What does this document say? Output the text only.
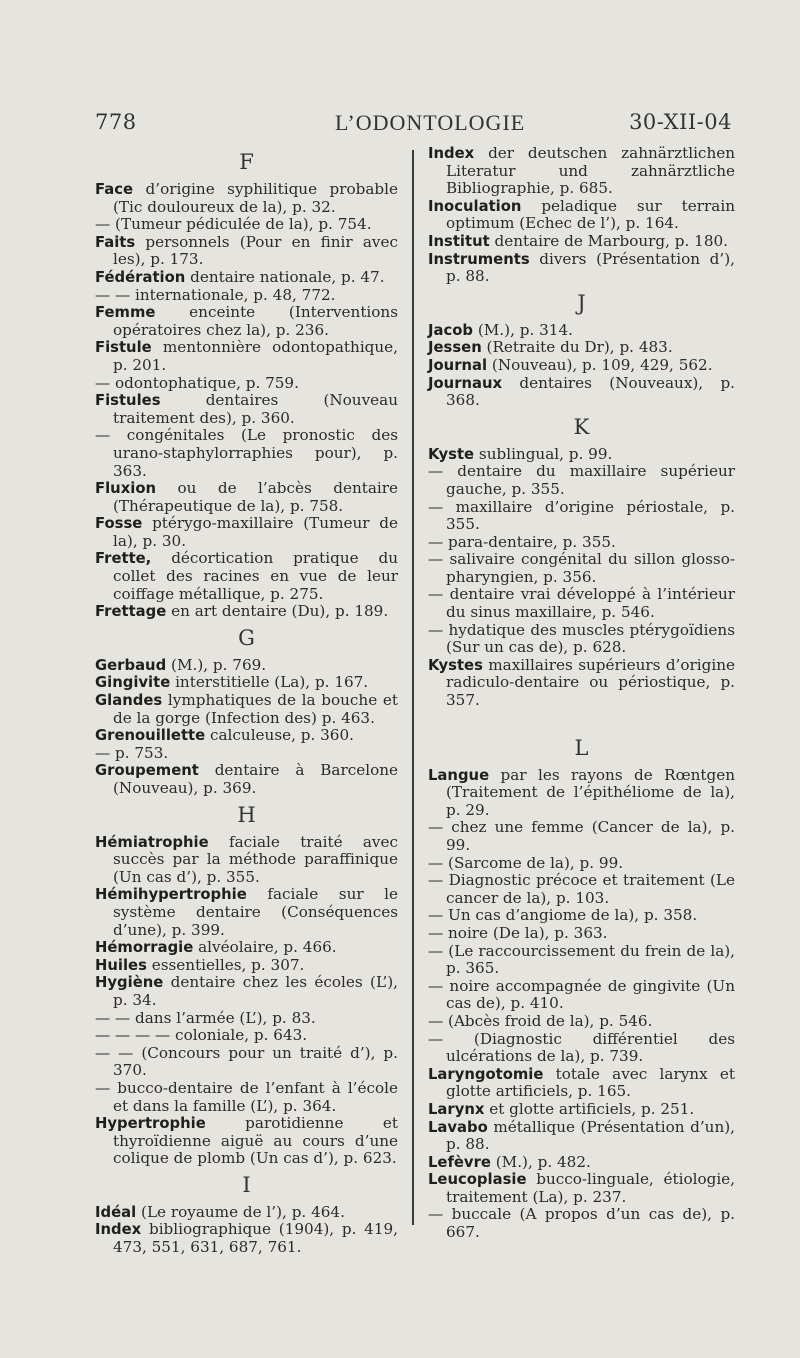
778	L’ODONTOLOGIE	30-XII-04
F

Face d’origine syphilitique probable (Tic douloureux de la), p. 32.

— (Tumeur pédiculée de la), p. 754.

Faits personnels (Pour en finir avec les), p. 173.

Fédération dentaire nationale, p. 47.

— — internationale, p. 48, 772.

Femme enceinte (Interventions opératoires chez la), p. 236.

Fistule mentonnière odontopathique, p. 201.

— odontophatique, p. 759.

Fistules dentaires (Nouveau traitement des), p. 360.

— congénitales (Le pronostic des urano-staphylorraphies pour), p. 363.

Fluxion ou de l’abcès dentaire (Thérapeutique de la), p. 758.

Fosse ptérygo-maxillaire (Tumeur de la), p. 30.

Frette, décortication pratique du collet des racines en vue de leur coiffage métallique, p. 275.

Frettage en art dentaire (Du), p. 189.

G

Gerbaud (M.), p. 769.

Gingivite interstitielle (La), p. 167.

Glandes lymphatiques de la bouche et de la gorge (Infection des) p. 463.

Grenouillette calculeuse, p. 360.

— p. 753.

Groupement dentaire à Barcelone (Nouveau), p. 369.

H

Hémiatrophie faciale traité avec succès par la méthode paraffinique (Un cas d’), p. 355.

Hémihypertrophie faciale sur le système dentaire (Conséquences d’une), p. 399.

Hémorragie alvéolaire, p. 466.

Huiles essentielles, p. 307.

Hygiène dentaire chez les écoles (L’), p. 34.

— — dans l’armée (L’), p. 83.

— — — — coloniale, p. 643.

— — (Concours pour un traité d’), p. 370.

— bucco-dentaire de l’enfant à l’école et dans la famille (L’), p. 364.

Hypertrophie parotidienne et thyroïdienne aiguë au cours d’une colique de plomb (Un cas d’), p. 623.

I

Idéal (Le royaume de l’), p. 464.

Index bibliographique (1904), p. 419, 473, 551, 631, 687, 761.

Index der deutschen zahnärztlichen Literatur und zahnärztliche Bibliographie, p. 685.

Inoculation peladique sur terrain optimum (Echec de l’), p. 164.

Institut dentaire de Marbourg, p. 180.

Instruments divers (Présentation d’), p. 88.

J

Jacob (M.), p. 314.

Jessen (Retraite du Dr), p. 483.

Journal (Nouveau), p. 109, 429, 562.

Journaux dentaires (Nouveaux), p. 368.

K

Kyste sublingual, p. 99.

— dentaire du maxillaire supérieur gauche, p. 355.

— maxillaire d’origine périostale, p. 355.

— para-dentaire, p. 355.

— salivaire congénital du sillon glosso-pharyngien, p. 356.

— dentaire vrai développé à l’intérieur du sinus maxillaire, p. 546.

— hydatique des muscles ptérygoïdiens (Sur un cas de), p. 628.

Kystes maxillaires supérieurs d’origine radiculo-dentaire ou périostique, p. 357.

L

Langue par les rayons de Rœntgen (Traitement de l’épithéliome de la), p. 29.

— chez une femme (Cancer de la), p. 99.

— (Sarcome de la), p. 99.

— Diagnostic précoce et traitement (Le cancer de la), p. 103.

— Un cas d’angiome de la), p. 358.

— noire (De la), p. 363.

— (Le raccourcissement du frein de la), p. 365.

— noire accompagnée de gingivite (Un cas de), p. 410.

— (Abcès froid de la), p. 546.

— (Diagnostic différentiel des ulcérations de la), p. 739.

Laryngotomie totale avec larynx et glotte artificiels, p. 165.

Larynx et glotte artificiels, p. 251.

Lavabo métallique (Présentation d’un), p. 88.

Lefèvre (M.), p. 482.

Leucoplasie bucco-linguale, étiologie, traitement (La), p. 237.

— buccale (A propos d’un cas de), p. 667.
